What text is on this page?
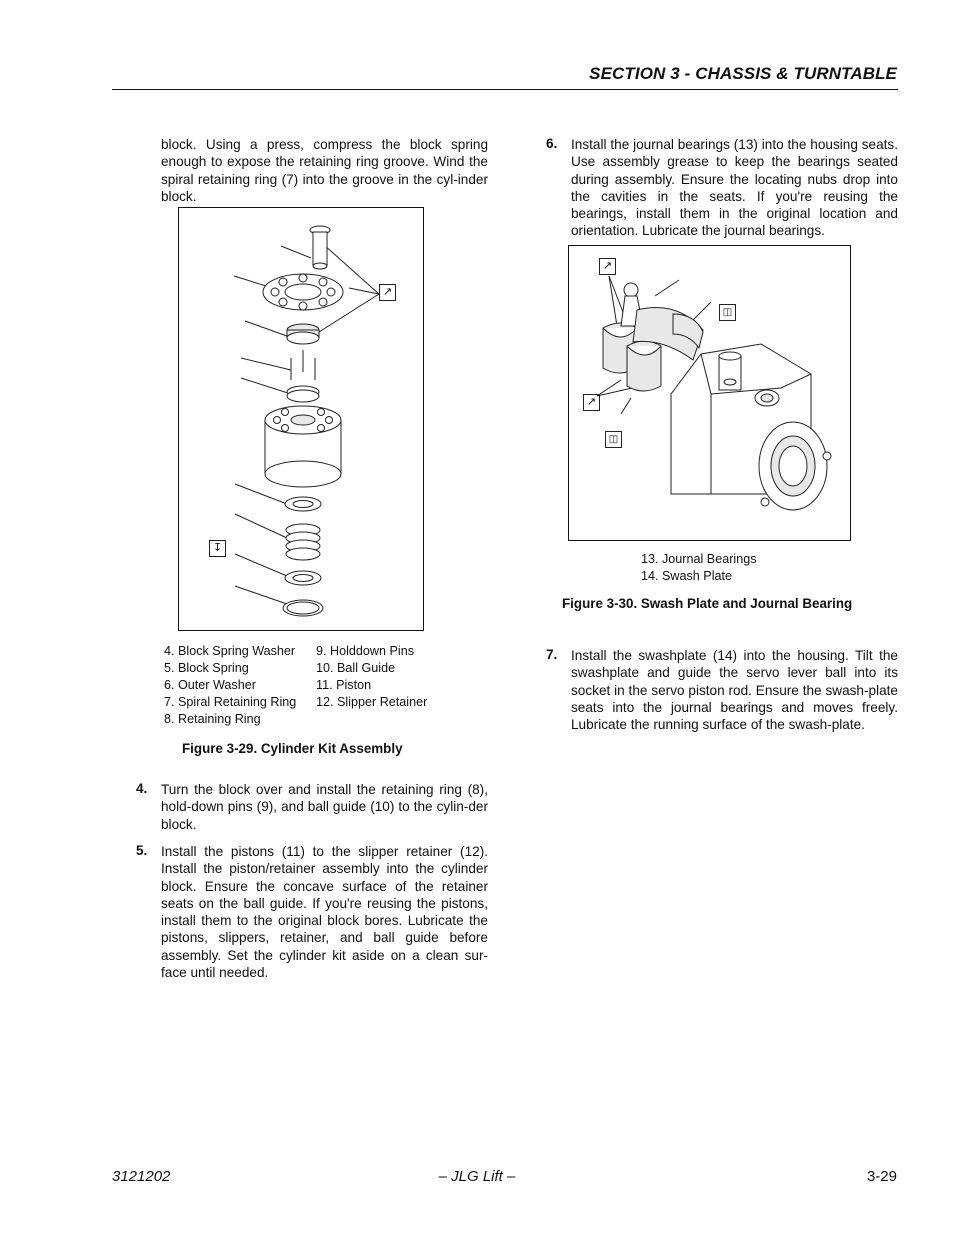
SECTION 3 - CHASSIS & TURNTABLE
block. Using a press, compress the block spring enough to expose the retaining ring groove. Wind the spiral retaining ring (7) into the groove in the cyl-inder block.
↗
↧
4. Block Spring Washer
5. Block Spring
6. Outer Washer
7. Spiral Retaining Ring
8. Retaining Ring
9. Holddown Pins
10. Ball Guide
11. Piston
12. Slipper Retainer
Figure 3-29. Cylinder Kit Assembly
4. Turn the block over and install the retaining ring (8), hold-down pins (9), and ball guide (10) to the cylin-der block.
5. Install the pistons (11) to the slipper retainer (12). Install the piston/retainer assembly into the cylinder block. Ensure the concave surface of the retainer seats on the ball guide. If you're reusing the pistons, install them to the original block bores. Lubricate the pistons, slippers, retainer, and ball guide before assembly. Set the cylinder kit aside on a clean sur-face until needed.
6. Install the journal bearings (13) into the housing seats. Use assembly grease to keep the bearings seated during assembly. Ensure the locating nubs drop into the cavities in the seats. If you're reusing the bearings, install them in the original location and orientation. Lubricate the journal bearings.
↗
↗
◫
◫
13. Journal Bearings
14. Swash Plate
Figure 3-30. Swash Plate and Journal Bearing
7. Install the swashplate (14) into the housing. Tilt the swashplate and guide the servo lever ball into its socket in the servo piston rod. Ensure the swash-plate seats into the journal bearings and moves freely. Lubricate the running surface of the swash-plate.
3121202	– JLG Lift –	3-29
